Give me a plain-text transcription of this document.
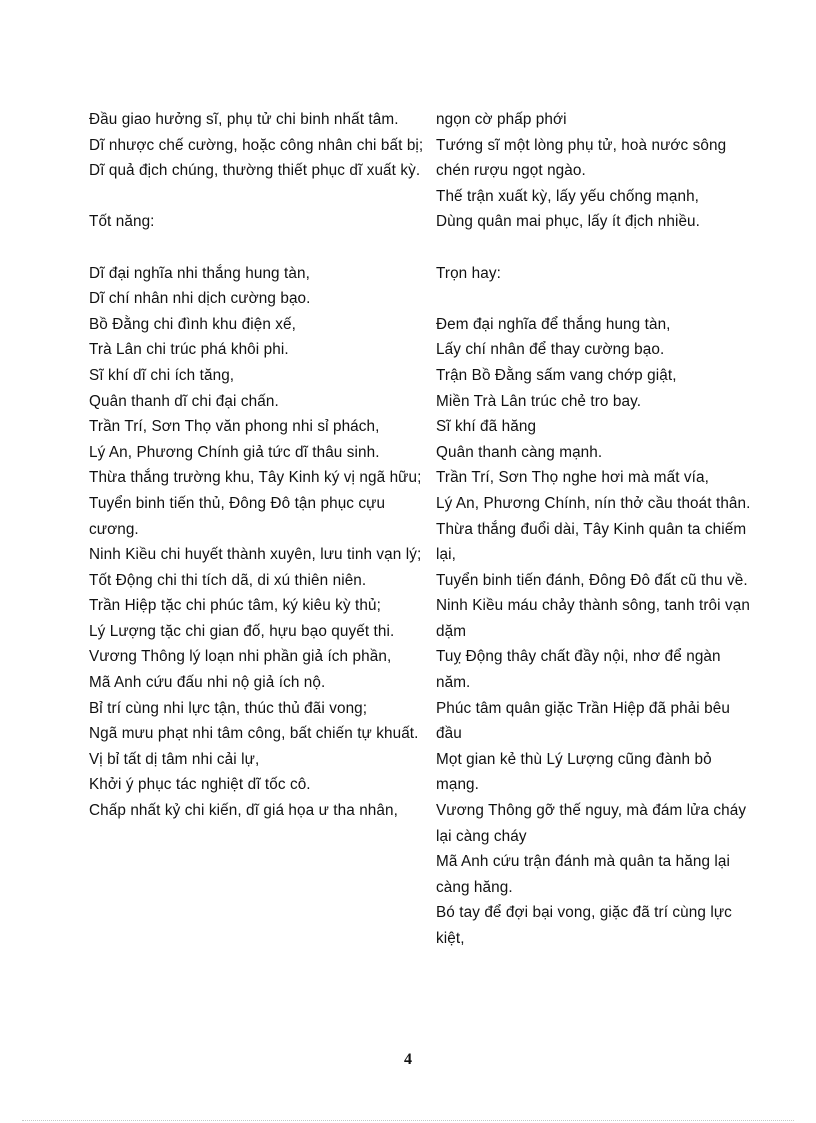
Đầu giao hưởng sĩ, phụ tử chi binh nhất tâm.

Dĩ nhược chế cường, hoặc công nhân chi bất bị;

Dĩ quả địch chúng, thường thiết phục dĩ xuất kỳ.

Tốt năng:

Dĩ đại nghĩa nhi thắng hung tàn,

Dĩ chí nhân nhi dịch cường bạo.

Bồ Đằng chi đình khu điện xế,

Trà Lân chi trúc phá khôi phi.

Sĩ khí dĩ chi ích tăng,

Quân thanh dĩ chi đại chấn.

Trần Trí, Sơn Thọ văn phong nhi sỉ phách,

Lý An, Phương Chính giả tức dĩ thâu sinh.

Thừa thắng trường khu, Tây Kinh ký vị ngã hữu;

Tuyển binh tiến thủ, Đông Đô tận phục cựu cương.

Ninh Kiều chi huyết thành xuyên, lưu tinh vạn lý;

Tốt Động chi thi tích dã, di xú thiên niên.

Trần Hiệp tặc chi phúc tâm, ký kiêu kỳ thủ;

Lý Lượng tặc chi gian đố, hựu bạo quyết thi.

Vương Thông lý loạn nhi phần giả ích phần,

Mã Anh cứu đấu nhi nộ giả ích nộ.

Bỉ trí cùng nhi lực tận, thúc thủ đãi vong;

Ngã mưu phạt nhi tâm công, bất chiến tự khuất.

Vị bỉ tất dị tâm nhi cải lự,

Khởi ý phục tác nghiệt dĩ tốc cô.

Chấp nhất kỷ chi kiến, dĩ giá họa ư tha nhân,

ngọn cờ phấp phới

Tướng sĩ một lòng phụ tử, hoà nước sông chén rượu ngọt ngào.

Thế trận xuất kỳ, lấy yếu chống mạnh,

Dùng quân mai phục, lấy ít địch nhiều.

Trọn hay:

Đem đại nghĩa để thắng hung tàn,

Lấy chí nhân để thay cường bạo.

Trận Bồ Đằng sấm vang chớp giật,

Miền Trà Lân trúc chẻ tro bay.

Sĩ khí đã hăng

Quân thanh càng mạnh.

Trần Trí, Sơn Thọ nghe hơi mà mất vía,

Lý An, Phương Chính, nín thở cầu thoát thân.

Thừa thắng đuổi dài, Tây Kinh quân ta chiếm lại,

Tuyển binh tiến đánh, Đông Đô đất cũ thu về.

Ninh Kiều máu chảy thành sông, tanh trôi vạn dặm

Tuỵ Động thây chất đầy nội, nhơ để ngàn năm.

Phúc tâm quân giặc Trần Hiệp đã phải bêu đầu

Mọt gian kẻ thù Lý Lượng cũng đành bỏ mạng.

Vương Thông gỡ thế nguy, mà đám lửa cháy lại càng cháy

Mã Anh cứu trận đánh mà quân ta hăng lại càng hăng.

Bó tay để đợi bại vong, giặc đã trí cùng lực kiệt,

4
